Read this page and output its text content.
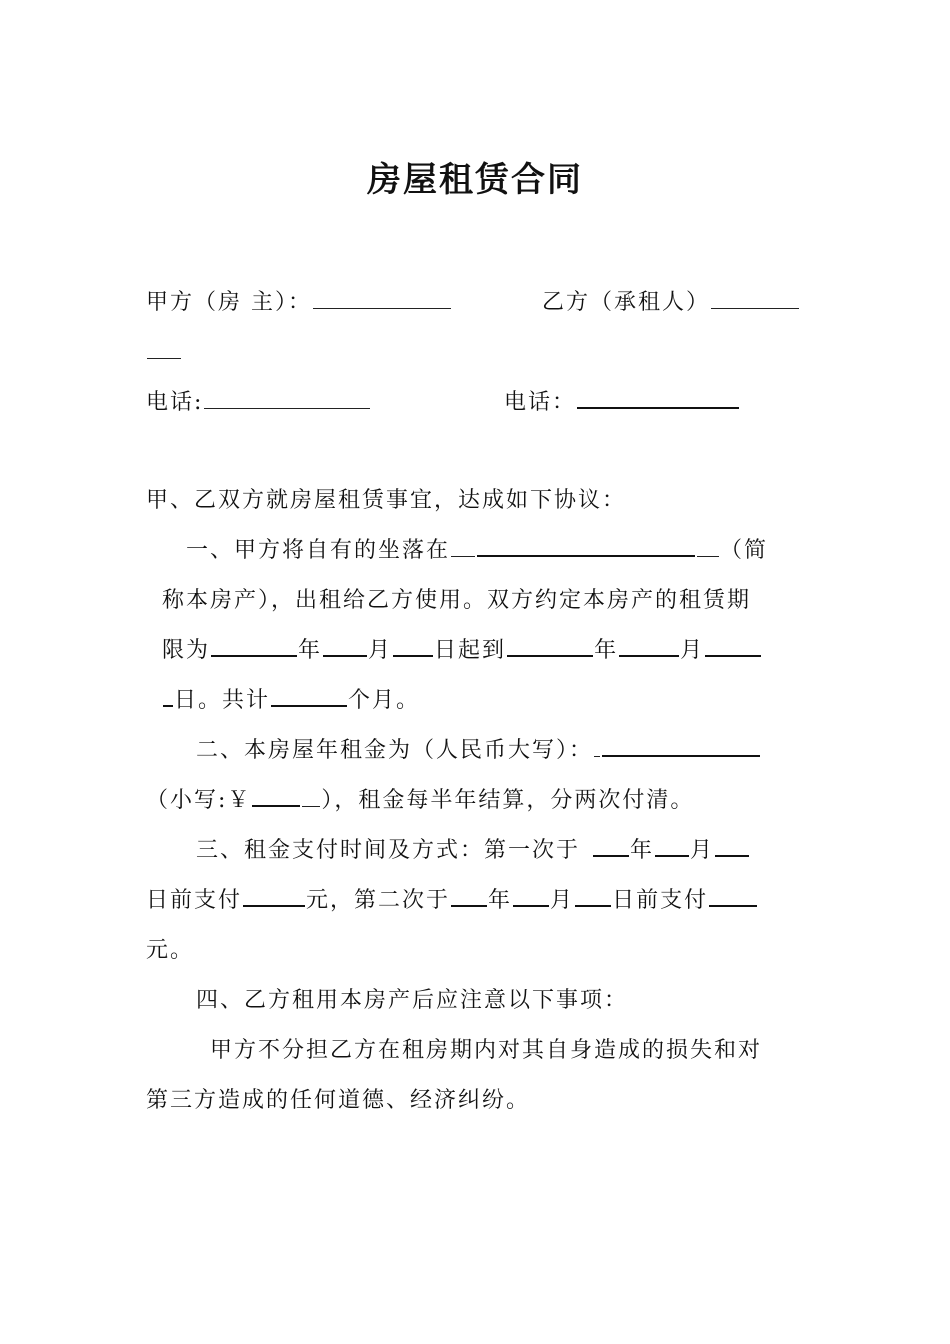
房屋租赁合同
甲方（房 主）：	乙方（承租人）
电话:	电话：
甲、乙双方就房屋租赁事宜，达成如下协议：
一、甲方将自有的坐落在	（简
称本房产），出租给乙方使用。双方约定本房产的租赁期
限为	年 月 日起到	年	月
日。共计	个月。
二、本房屋年租金为（人民币大写）：
（小写:￥	），租金每半年结算，分两次付清。
三、租金支付时间及方式：第一次于 年 月
日前支付	元，第二次于 年 月 日前支付
元。
四、乙方租用本房产后应注意以下事项：
甲方不分担乙方在租房期内对其自身造成的损失和对
第三方造成的任何道德、经济纠纷。
